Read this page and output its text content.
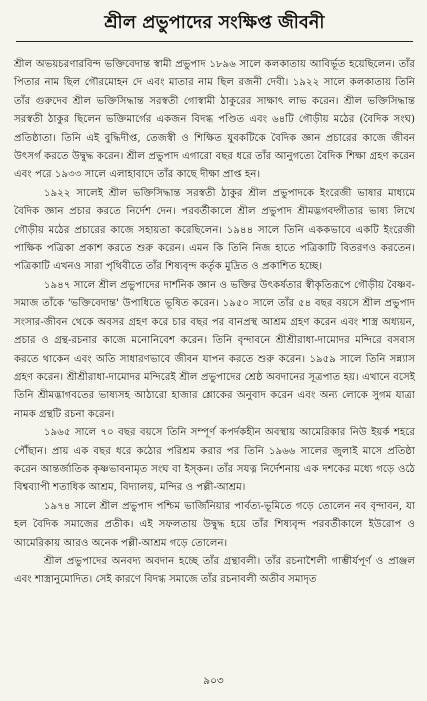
শ্রীল প্রভুপাদের সংক্ষিপ্ত জীবনী

শ্রীল অভয়চরণারবিন্দ ভক্তিবেদান্ত স্বামী প্রভুপাদ ১৮৯৬ সালে কলকাতায় আবির্ভূত হয়েছিলেন। তাঁর পিতার নাম ছিল গৌরমোহন দে এবং মাতার নাম ছিল রজনী দেবী। ১৯২২ সালে কলকাতায় তিনি তাঁর গুরুদেব শ্রীল ভক্তিসিদ্ধান্ত সরস্বতী গোস্বামী ঠাকুরের সাক্ষাৎ লাভ করেন। শ্রীল ভক্তিসিদ্ধান্ত সরস্বতী ঠাকুর ছিলেন ভক্তিমার্গের একজন বিদগ্ধ পণ্ডিত এবং ৬৪টি গৌড়ীয় মঠের (বৈদিক সংঘ) প্রতিষ্ঠাতা। তিনি এই বুদ্ধিদীপ্ত, তেজস্বী ও শিক্ষিত যুবকটিকে বৈদিক জ্ঞান প্রচারের কাজে জীবন উৎসর্গ করতে উদ্বুদ্ধ করেন। শ্রীল প্রভুপাদ এগারো বছর ধরে তাঁর আনুগত্যে বৈদিক শিক্ষা গ্রহণ করেন এবং পরে ১৯৩৩ সালে এলাহাবাদে তাঁর কাছে দীক্ষা প্রাপ্ত হন।

১৯২২ সালেই শ্রীল ভক্তিসিদ্ধান্ত সরস্বতী ঠাকুর শ্রীল প্রভুপাদকে ইংরেজী ভাষার মাধ্যমে বৈদিক জ্ঞান প্রচার করতে নির্দেশ দেন। পরবর্তীকালে শ্রীল প্রভুপাদ শ্রীমদ্ভগবদ্গীতার ভাষ্য লিখে গৌড়ীয় মঠের প্রচারের কাজে সহায়তা করেছিলেন। ১৯৪৪ সালে তিনি এককভাবে একটি ইংরেজী পাক্ষিক পত্রিকা প্রকাশ করতে শুরু করেন। এমন কি তিনি নিজ হাতে পত্রিকাটি বিতরণও করতেন। পত্রিকাটি এখনও সারা পৃথিবীতে তাঁর শিষ্যবৃন্দ কর্তৃক মুদ্রিত ও প্রকাশিত হচ্ছে।

১৯৪৭ সালে শ্রীল প্রভুপাদের দার্শনিক জ্ঞান ও ভক্তির উৎকর্ষতার স্বীকৃতিরূপে গৌড়ীয় বৈষ্ণব-সমাজ তাঁকে 'ভক্তিবেদান্ত' উপাধিতে ভূষিত করেন। ১৯৫০ সালে তাঁর ৫৪ বছর বয়সে শ্রীল প্রভুপাদ সংসার-জীবন থেকে অবসর গ্রহণ করে চার বছর পর বানপ্রস্থ আশ্রম গ্রহণ করেন এবং শাস্ত্র অধ্যয়ন, প্রচার ও গ্রন্থ-রচনার কাজে মনোনিবেশ করেন। তিনি বৃন্দাবনে শ্রীশ্রীরাধা-দামোদর মন্দিরে বসবাস করতে থাকেন এবং অতি সাধারণভাবে জীবন যাপন করতে শুরু করেন। ১৯৫৯ সালে তিনি সন্ন্যাস গ্রহণ করেন। শ্রীশ্রীরাধা-দামোদর মন্দিরেই শ্রীল প্রভুপাদের শ্রেষ্ঠ অবদানের সূত্রপাত হয়। এখানে বসেই তিনি শ্রীমদ্ভাগবতের ভাষ্যসহ আঠারো হাজার শ্লোকের অনুবাদ করেন এবং অন্য লোকে সুগম যাত্রা নামক গ্রন্থটি রচনা করেন।

১৯৬৫ সালে ৭০ বছর বয়সে তিনি সম্পূর্ণ কপর্দকহীন অবস্থায় আমেরিকার নিউ ইয়র্ক শহরে পৌঁছান। প্রায় এক বছর ধরে কঠোর পরিশ্রম করার পর তিনি ১৯৬৬ সালের জুলাই মাসে প্রতিষ্ঠা করেন আন্তর্জাতিক কৃষ্ণভাবনামৃত সংঘ বা ইস্‌কন। তাঁর সযত্ন নির্দেশনায় এক দশকের মধ্যে গড়ে ওঠে বিশ্বব্যাপী শতাধিক আশ্রম, বিদ্যালয়, মন্দির ও পল্লী-আশ্রম।

১৯৭৪ সালে শ্রীল প্রভুপাদ পশ্চিম ভার্জিনিয়ার পার্বত্য-ভূমিতে গড়ে তোলেন নব বৃন্দাবন, যা হল বৈদিক সমাজের প্রতীক। এই সফলতায় উদ্বুদ্ধ হয়ে তাঁর শিষ্যবৃন্দ পরবর্তীকালে ইউরোপ ও আমেরিকায় আরও অনেক পল্লী-আশ্রম গড়ে তোলেন।

শ্রীল প্রভুপাদের অনবদ্য অবদান হচ্ছে তাঁর গ্রন্থাবলী। তাঁর রচনাশৈলী গাম্ভীর্যপূর্ণ ও প্রাঞ্জল এবং শাস্ত্রানুমোদিত। সেই কারণে বিদগ্ধ সমাজে তাঁর রচনাবলী অতীব সমাদৃত

৯০৩
